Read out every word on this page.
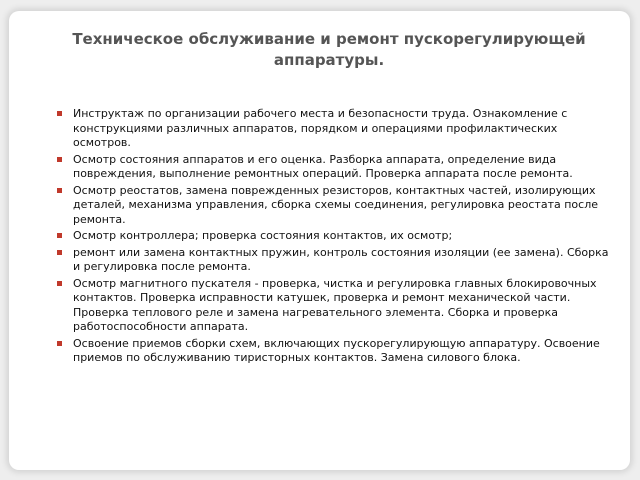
Техническое обслуживание и ремонт пускорегулирующей аппаратуры.
Инструктаж по организации рабочего места и безопасности труда. Ознакомление с конструкциями различных аппаратов, порядком и операциями профилактических осмотров.
Осмотр состояния аппаратов и его оценка. Разборка аппарата, определение вида повреждения, выполнение ремонтных операций. Проверка аппарата после ремонта.
Осмотр реостатов, замена поврежденных резисторов, контактных частей, изолирующих деталей, механизма управления, сборка схемы соединения, регулировка реостата после ремонта.
Осмотр контроллера; проверка состояния контактов, их осмотр;
ремонт или замена контактных пружин, контроль состояния изоляции (ее замена). Сборка и регулировка после ремонта.
Осмотр магнитного пускателя - проверка, чистка и регулировка главных блокировочных контактов. Проверка исправности катушек, проверка и ремонт механической части. Проверка теплового реле и замена нагревательного элемента. Сборка и проверка работоспособности аппарата.
Освоение приемов сборки схем, включающих пускорегулирующую аппаратуру. Освоение приемов по обслуживанию тиристорных контактов. Замена силового блока.
